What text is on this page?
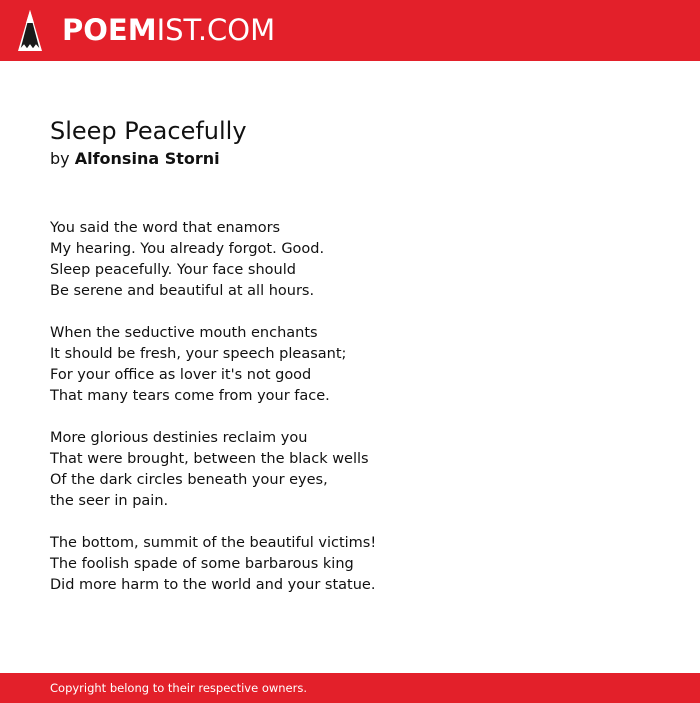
POEMIST.COM
Sleep Peacefully
by Alfonsina Storni
You said the word that enamors
My hearing. You already forgot. Good.
Sleep peacefully. Your face should
Be serene and beautiful at all hours.
When the seductive mouth enchants
It should be fresh, your speech pleasant;
For your office as lover it's not good
That many tears come from your face.
More glorious destinies reclaim you
That were brought, between the black wells
Of the dark circles beneath your eyes,
the seer in pain.
The bottom, summit of the beautiful victims!
The foolish spade of some barbarous king
Did more harm to the world and your statue.
Copyright belong to their respective owners.
